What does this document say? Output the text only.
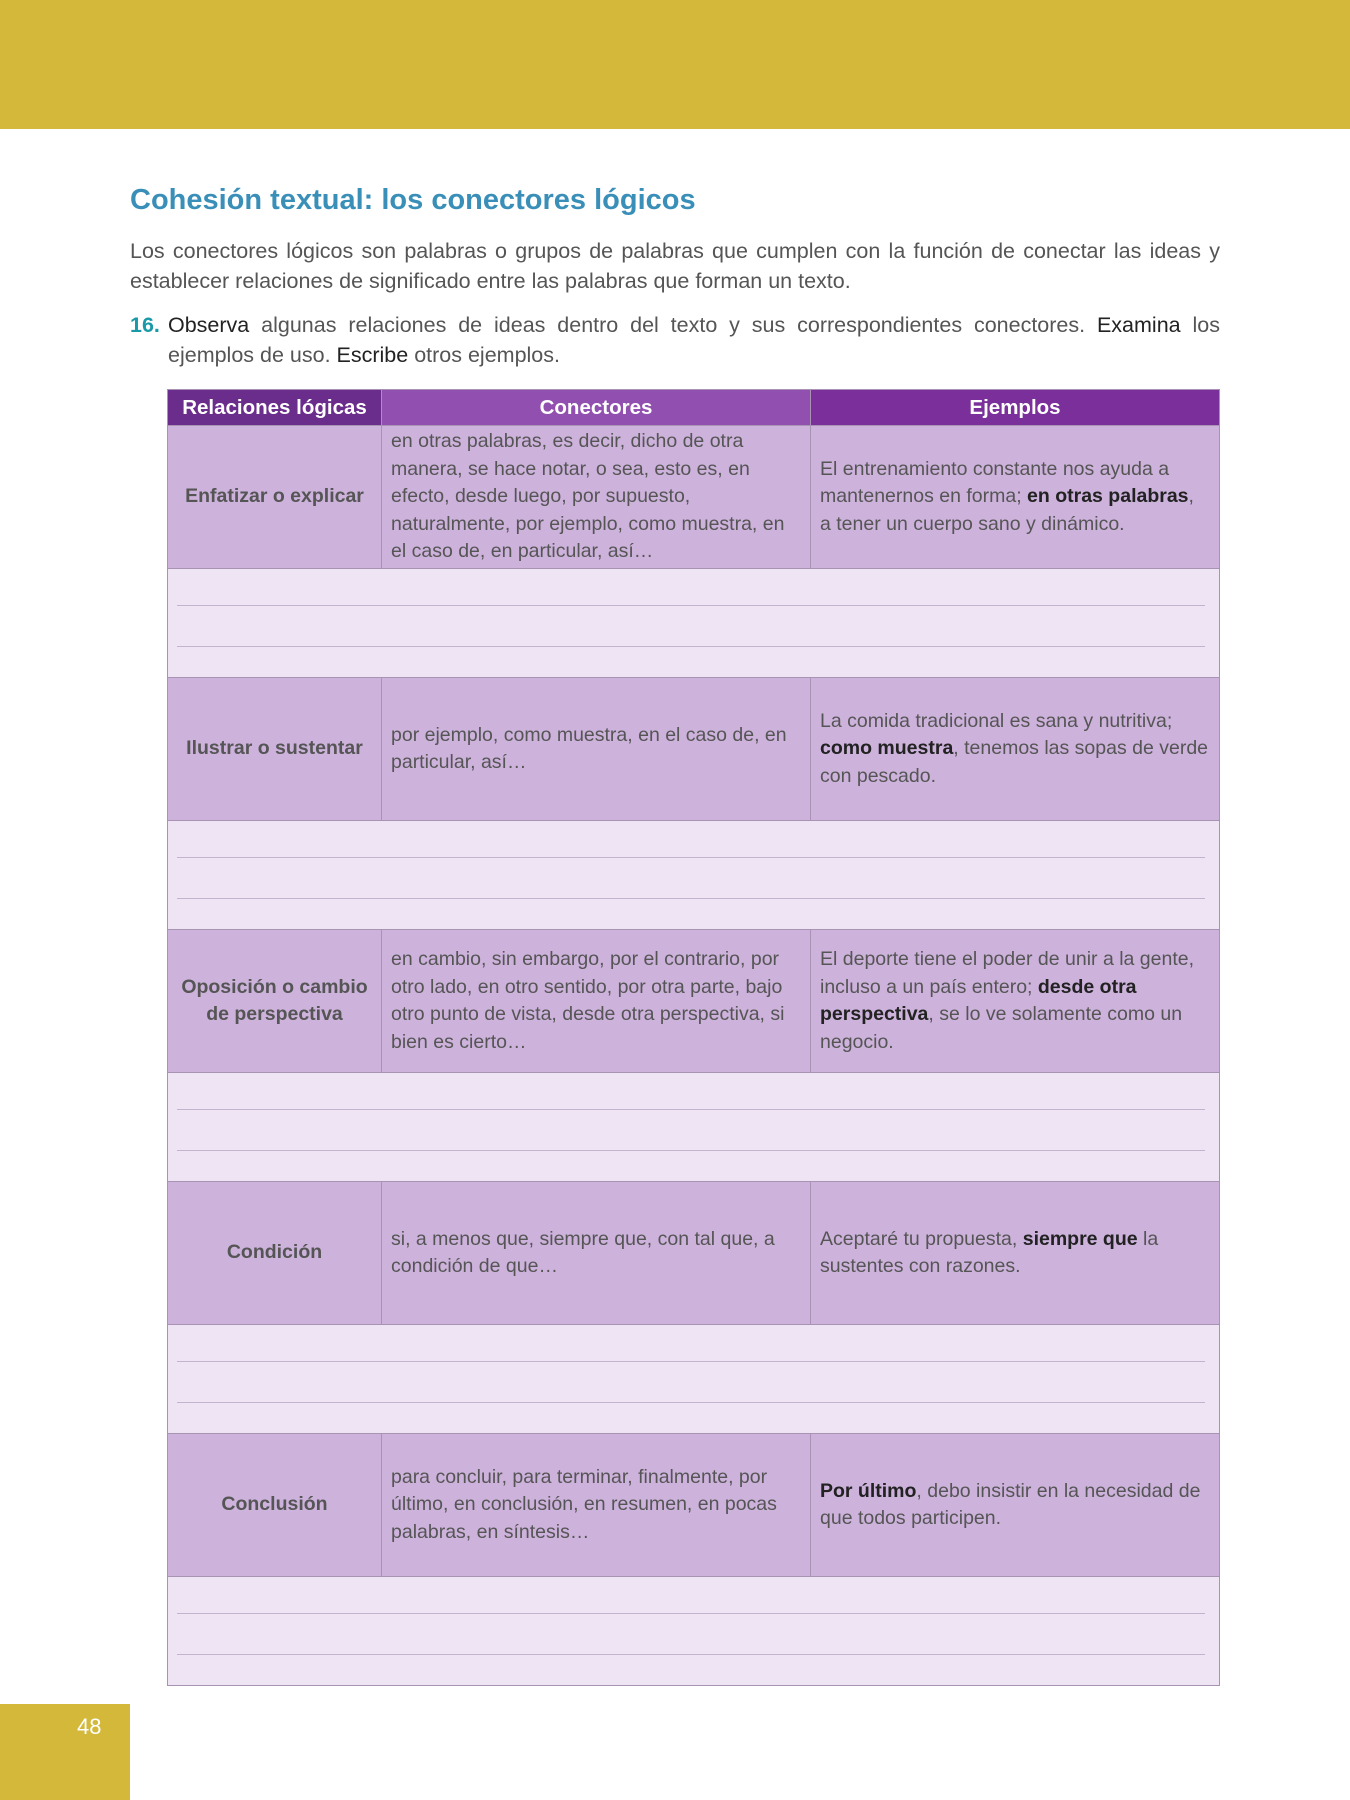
Cohesión textual: los conectores lógicos

Los conectores lógicos son palabras o grupos de palabras que cumplen con la función de conectar las ideas y establecer relaciones de significado entre las palabras que forman un texto.

16. Observa algunas relaciones de ideas dentro del texto y sus correspondientes conectores. Examina los ejemplos de uso. Escribe otros ejemplos.
Relaciones lógicas	Conectores	Ejemplos
Enfatizar o explicar	en otras palabras, es decir, dicho de otra manera, se hace notar, o sea, esto es, en efecto, desde luego, por supuesto, naturalmente, por ejemplo, como muestra, en el caso de, en particular, así…	El entrenamiento constante nos ayuda a mantenernos en forma; en otras palabras, a tener un cuerpo sano y dinámico.

Ilustrar o sustentar	por ejemplo, como muestra, en el caso de, en particular, así…	La comida tradicional es sana y nutritiva; como muestra, tenemos las sopas de verde con pescado.

Oposición o cambio de perspectiva	en cambio, sin embargo, por el contrario, por otro lado, en otro sentido, por otra parte, bajo otro punto de vista, desde otra perspectiva, si bien es cierto…	El deporte tiene el poder de unir a la gente, incluso a un país entero; desde otra perspectiva, se lo ve solamente como un negocio.

Condición	si, a menos que, siempre que, con tal que, a condición de que…	Aceptaré tu propuesta, siempre que la sustentes con razones.

Conclusión	para concluir, para terminar, finalmente, por último, en conclusión, en resumen, en pocas palabras, en síntesis…	Por último, debo insistir en la necesidad de que todos participen.

48
